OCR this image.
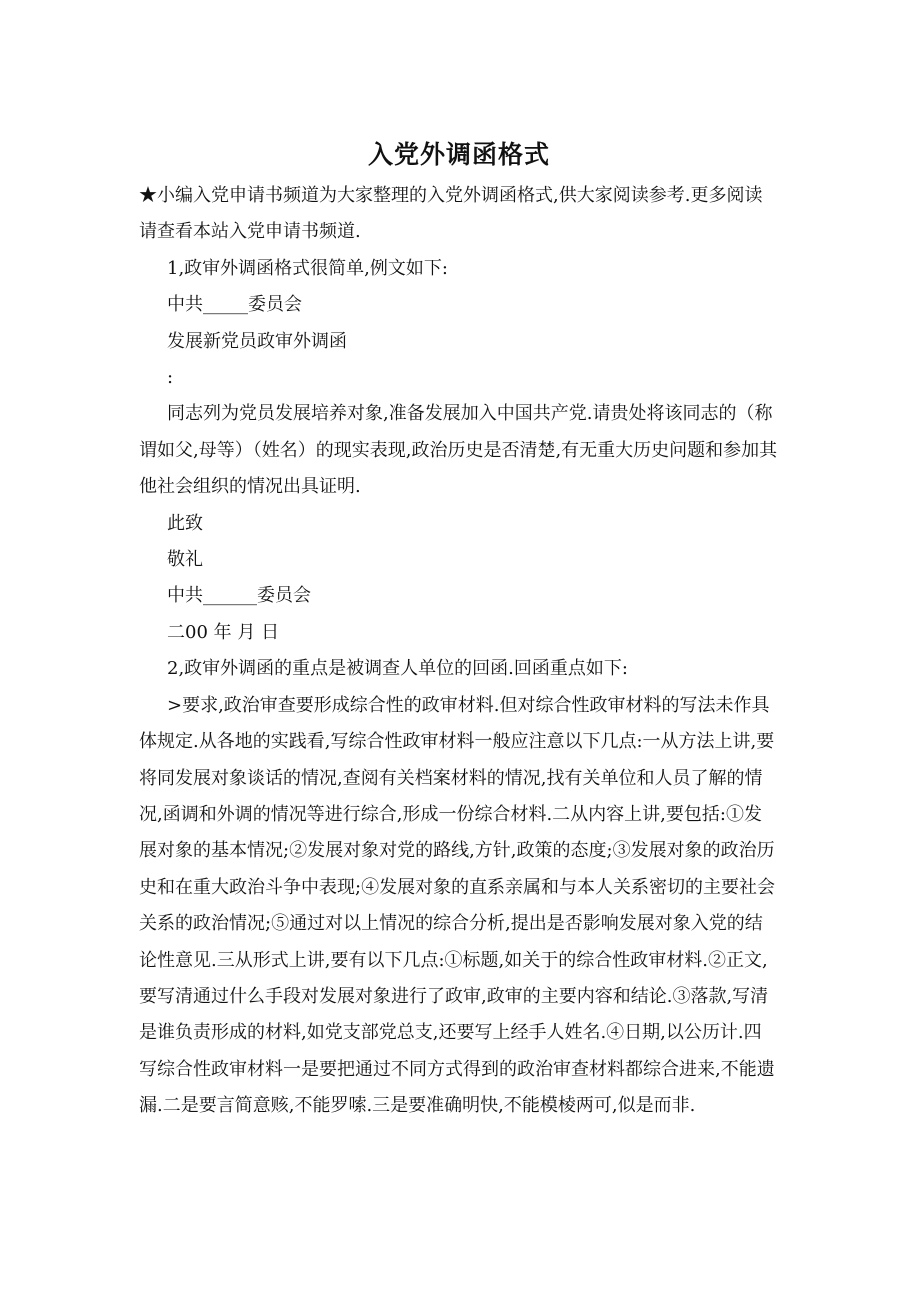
入党外调函格式

★小编入党申请书频道为大家整理的入党外调函格式,供大家阅读参考.更多阅读请查看本站入党申请书频道.

1,政审外调函格式很简单,例文如下:

中共_____委员会

发展新党员政审外调函

:

同志列为党员发展培养对象,准备发展加入中国共产党.请贵处将该同志的（称谓如父,母等）（姓名）的现实表现,政治历史是否清楚,有无重大历史问题和参加其他社会组织的情况出具证明.

此致

敬礼

中共______委员会

二00 年 月 日

2,政审外调函的重点是被调查人单位的回函.回函重点如下:

>要求,政治审查要形成综合性的政审材料.但对综合性政审材料的写法未作具体规定.从各地的实践看,写综合性政审材料一般应注意以下几点:一从方法上讲,要将同发展对象谈话的情况,查阅有关档案材料的情况,找有关单位和人员了解的情况,函调和外调的情况等进行综合,形成一份综合材料.二从内容上讲,要包括:①发展对象的基本情况;②发展对象对党的路线,方针,政策的态度;③发展对象的政治历史和在重大政治斗争中表现;④发展对象的直系亲属和与本人关系密切的主要社会关系的政治情况;⑤通过对以上情况的综合分析,提出是否影响发展对象入党的结论性意见.三从形式上讲,要有以下几点:①标题,如关于的综合性政审材料.②正文,要写清通过什么手段对发展对象进行了政审,政审的主要内容和结论.③落款,写清是谁负责形成的材料,如党支部党总支,还要写上经手人姓名.④日期,以公历计.四写综合性政审材料一是要把通过不同方式得到的政治审查材料都综合进来,不能遗漏.二是要言简意赅,不能罗嗦.三是要准确明快,不能模棱两可,似是而非.
